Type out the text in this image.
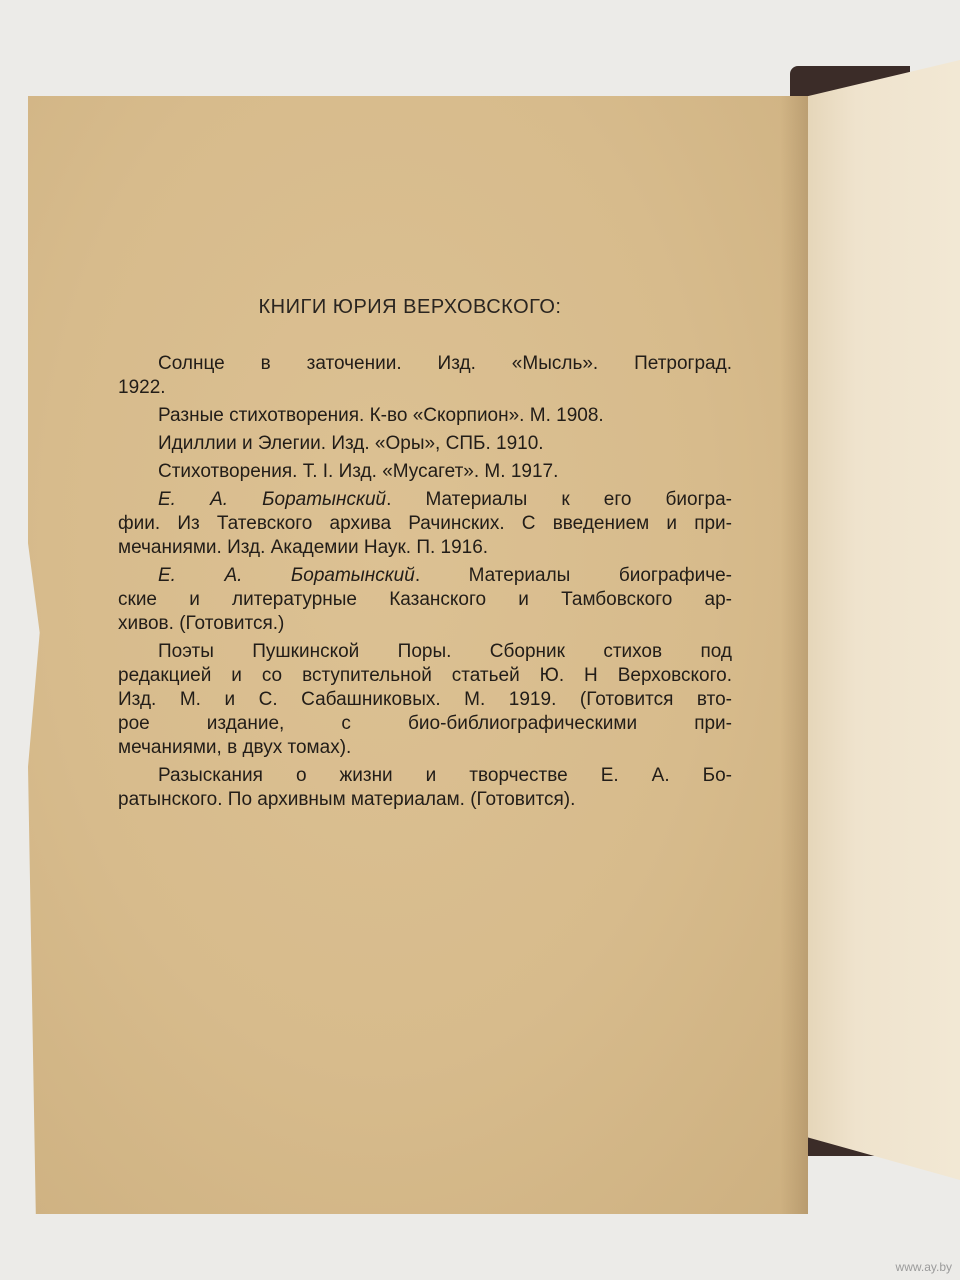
КНИГИ ЮРИЯ ВЕРХОВСКОГО:
Солнце в заточении. Изд. «Мысль». Петроград.
1922.
Разные стихотворения. К-во «Скорпион». М. 1908.
Идиллии и Элегии. Изд. «Оры», СПБ. 1910.
Стихотворения. Т. I. Изд. «Мусагет». М. 1917.
Е. А. Боратынский. Материалы к его биогра-
фии. Из Татевского архива Рачинских. С введением и при-
мечаниями. Изд. Академии Наук. П. 1916.
Е. А. Боратынский. Материалы биографиче-
ские и литературные Казанского и Тамбовского ар-
хивов. (Готовится.)
Поэты Пушкинской Поры. Сборник стихов под
редакцией и со вступительной статьей Ю. Н Верховского.
Изд. М. и С. Сабашниковых. М. 1919. (Готовится вто-
рое издание, с био-библиографическими при-
мечаниями, в двух томах).
Разыскания о жизни и творчестве Е. А. Бо-
ратынского. По архивным материалам. (Готовится).
www.ay.by
